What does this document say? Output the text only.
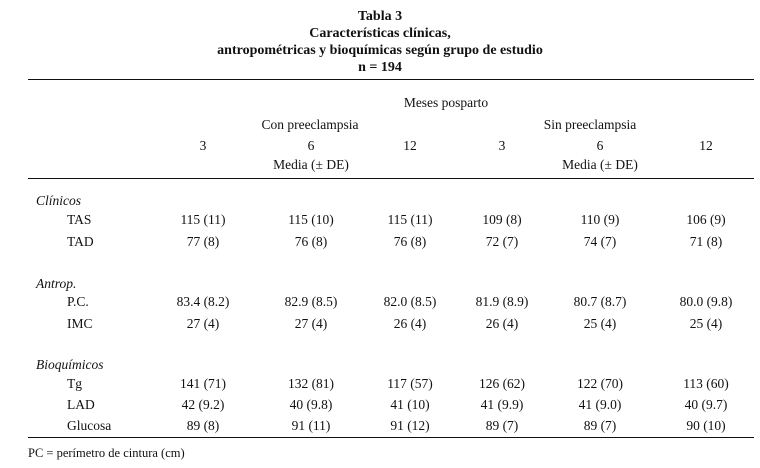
Tabla 3
Características clínicas,
antropométricas y bioquímicas según grupo de estudio
n = 194
Meses posparto
Con preeclampsia	Sin preeclampsia
3	6	12	3	6	12
Media (± DE)	Media (± DE)
Clínicos
TAS	115 (11)	115 (10)	115 (11)	109 (8)	110 (9)	106 (9)
TAD	77 (8)	76 (8)	76 (8)	72 (7)	74 (7)	71 (8)
Antrop.
P.C.	83.4 (8.2)	82.9 (8.5)	82.0 (8.5)	81.9 (8.9)	80.7 (8.7)	80.0 (9.8)
IMC	27 (4)	27 (4)	26 (4)	26 (4)	25 (4)	25 (4)
Bioquímicos
Tg	141 (71)	132 (81)	117 (57)	126 (62)	122 (70)	113 (60)
LAD	42 (9.2)	40 (9.8)	41 (10)	41 (9.9)	41 (9.0)	40 (9.7)
Glucosa	89 (8)	91 (11)	91 (12)	89 (7)	89 (7)	90 (10)
PC = perímetro de cintura (cm)
